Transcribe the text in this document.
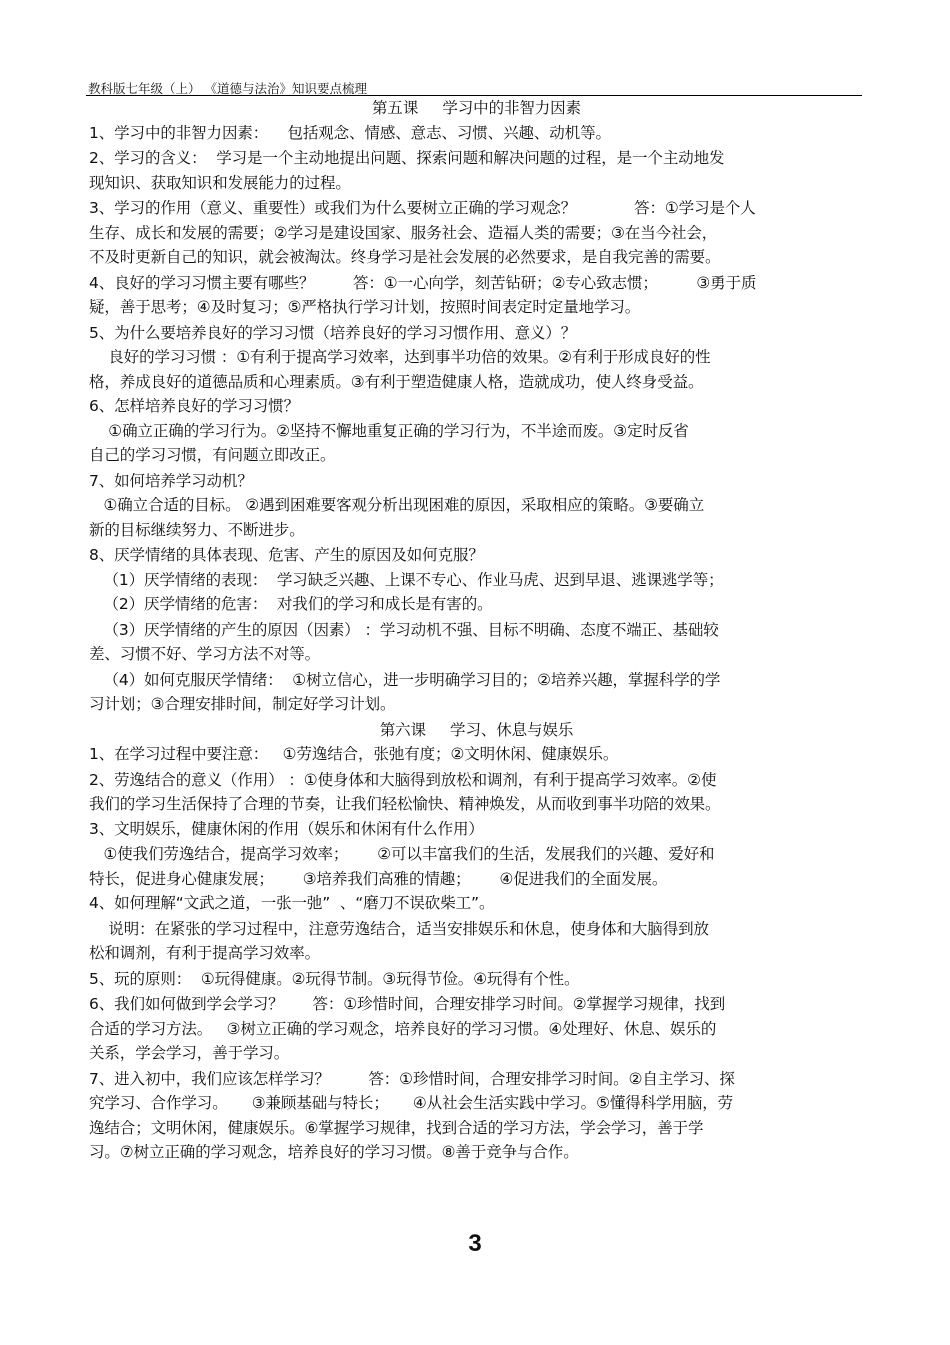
教科版七年级（上） 《道德与法治》知识要点梳理
第五课     学习中的非智力因素
1、学习中的非智力因素：    包括观念、情感、意志、习惯、兴趣、动机等。
2、学习的含义：  学习是一个主动地提出问题、探索问题和解决问题的过程，是一个主动地发
现知识、获取知识和发展能力的过程。
3、学习的作用（意义、重要性）或我们为什么要树立正确的学习观念？            答：①学习是个人
生存、成长和发展的需要；②学习是建设国家、服务社会、造福人类的需要；③在当今社会，
不及时更新自己的知识，就会被淘汰。终身学习是社会发展的必然要求，是自我完善的需要。
4、良好的学习习惯主要有哪些？        答：①一心向学，刻苦钻研；②专心致志惯；        ③勇于质
疑，善于思考；④及时复习；⑤严格执行学习计划，按照时间表定时定量地学习。
5、为什么要培养良好的学习习惯（培养良好的学习习惯作用、意义）？
良好的学习习惯 ：①有利于提高学习效率，达到事半功倍的效果。②有利于形成良好的性
格，养成良好的道德品质和心理素质。③有利于塑造健康人格，造就成功，使人终身受益。
6、怎样培养良好的学习习惯？
①确立正确的学习行为。②坚持不懈地重复正确的学习行为，不半途而废。③定时反省
自己的学习习惯，有问题立即改正。
7、如何培养学习动机？
①确立合适的目标。 ②遇到困难要客观分析出现困难的原因，采取相应的策略。③要确立
新的目标继续努力、不断进步。
8、厌学情绪的具体表现、危害、产生的原因及如何克服？
（1）厌学情绪的表现：  学习缺乏兴趣、上课不专心、作业马虎、迟到早退、逃课逃学等；
（2）厌学情绪的危害：  对我们的学习和成长是有害的。
（3）厌学情绪的产生的原因（因素） ：学习动机不强、目标不明确、态度不端正、基础较
差、习惯不好、学习方法不对等。
（4）如何克服厌学情绪：  ①树立信心，进一步明确学习目的；②培养兴趣，掌握科学的学
习计划；③合理安排时间，制定好学习计划。
第六课     学习、休息与娱乐
1、在学习过程中要注意：   ①劳逸结合，张弛有度；②文明休闲、健康娱乐。
2、劳逸结合的意义（作用） ：①使身体和大脑得到放松和调剂，有利于提高学习效率。②使
我们的学习生活保持了合理的节奏，让我们轻松愉快、精神焕发，从而收到事半功陪的效果。
3、文明娱乐，健康休闲的作用（娱乐和休闲有什么作用）
①使我们劳逸结合，提高学习效率；      ②可以丰富我们的生活，发展我们的兴趣、爱好和
特长，促进身心健康发展；      ③培养我们高雅的情趣；      ④促进我们的全面发展。
4、如何理解“文武之道，一张一弛”  、“磨刀不误砍柴工”。
说明：在紧张的学习过程中，注意劳逸结合，适当安排娱乐和休息，使身体和大脑得到放
松和调剂，有利于提高学习效率。
5、玩的原则：  ①玩得健康。②玩得节制。③玩得节俭。④玩得有个性。
6、我们如何做到学会学习？      答：①珍惜时间，合理安排学习时间。②掌握学习规律，找到
合适的学习方法。   ③树立正确的学习观念，培养良好的学习习惯。④处理好、休息、娱乐的
关系，学会学习，善于学习。
7、进入初中，我们应该怎样学习？        答：①珍惜时间，合理安排学习时间。②自主学习、探
究学习、合作学习。     ③兼顾基础与特长；     ④从社会生活实践中学习。⑤懂得科学用脑，劳
逸结合；文明休闲，健康娱乐。⑥掌握学习规律，找到合适的学习方法，学会学习，善于学
习。⑦树立正确的学习观念，培养良好的学习习惯。⑧善于竞争与合作。
3
